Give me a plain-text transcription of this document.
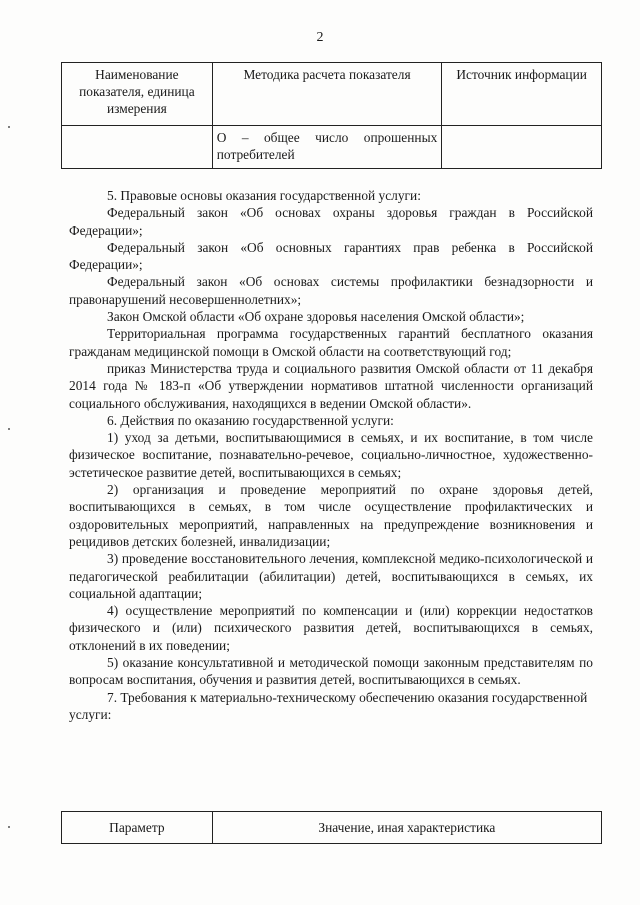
2
Наименование показателя, единица измерения	Методика расчета показателя	Источник информации

	О – общее число опрошенных потребителей	

5. Правовые основы оказания государственной услуги:

Федеральный закон «Об основах охраны здоровья граждан в Российской Федерации»;

Федеральный закон «Об основных гарантиях прав ребенка в Российской Федерации»;

Федеральный закон «Об основах системы профилактики безнадзорности и правонарушений несовершеннолетних»;

Закон Омской области «Об охране здоровья населения Омской области»;

Территориальная программа государственных гарантий бесплатного оказания гражданам медицинской помощи в Омской области на соответствующий год;

приказ Министерства труда и социального развития Омской области от 11 декабря 2014 года № 183-п «Об утверждении нормативов штатной численности организаций социального обслуживания, находящихся в ведении Омской области».

6. Действия по оказанию государственной услуги:

1) уход за детьми, воспитывающимися в семьях, и их воспитание, в том числе физическое воспитание, познавательно-речевое, социально-личностное, художественно-эстетическое развитие детей, воспитывающихся в семьях;

2) организация и проведение мероприятий по охране здоровья детей, воспитывающихся в семьях, в том числе осуществление профилактических и оздоровительных мероприятий, направленных на предупреждение возникновения и рецидивов детских болезней, инвалидизации;

3) проведение восстановительного лечения, комплексной медико-психологической и педагогической реабилитации (абилитации) детей, воспитывающихся в семьях, их социальной адаптации;

4) осуществление мероприятий по компенсации и (или) коррекции недостатков физического и (или) психического развития детей, воспитывающихся в семьях, отклонений в их поведении;

5) оказание консультативной и методической помощи законным представителям по вопросам воспитания, обучения и развития детей, воспитывающихся в семьях.

7. Требования к материально-техническому обеспечению оказания государственной услуги:

Параметр	Значение, иная характеристика
